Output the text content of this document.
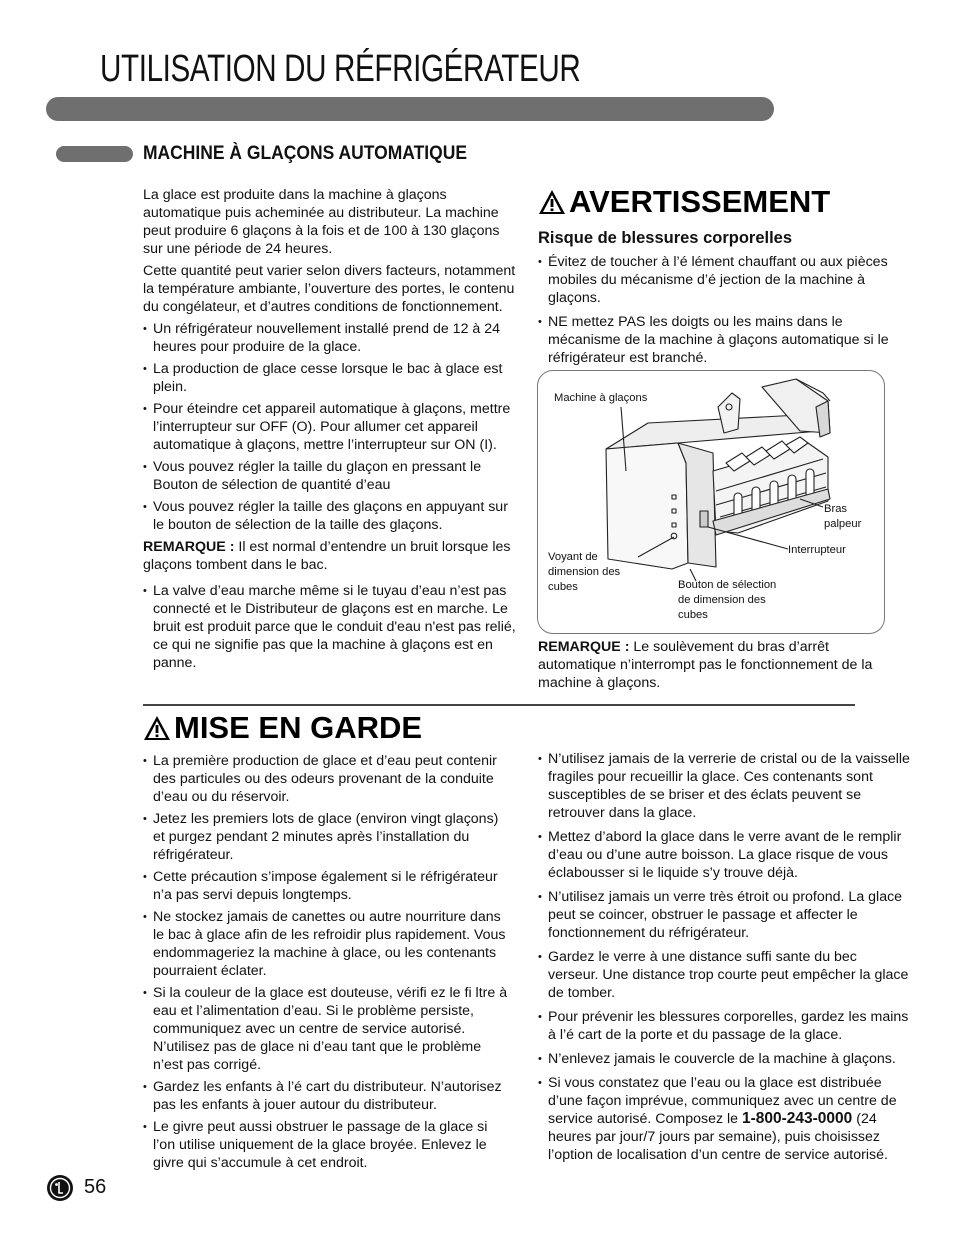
UTILISATION DU RÉFRIGÉRATEUR
MACHINE À GLAÇONS AUTOMATIQUE

La glace est produite dans la machine à glaçons automatique puis acheminée au distributeur. La machine peut produire 6 glaçons à la fois et de 100 à 130 glaçons sur une période de 24 heures.

Cette quantité peut varier selon divers facteurs, notamment la température ambiante, l’ouverture des portes, le contenu du congélateur, et d’autres conditions de fonctionnement.

• Un réfrigérateur nouvellement installé prend de 12 à 24 heures pour produire de la glace.
• La production de glace cesse lorsque le bac à glace est plein.
• Pour éteindre cet appareil automatique à glaçons, mettre l’interrupteur sur OFF (O). Pour allumer cet appareil automatique à glaçons, mettre l’interrupteur sur ON (I).
• Vous pouvez régler la taille du glaçon en pressant le Bouton de sélection de quantité d’eau
• Vous pouvez régler la taille des glaçons en appuyant sur le bouton de sélection de la taille des glaçons.

REMARQUE : Il est normal d’entendre un bruit lorsque les glaçons tombent dans le bac.

• La valve d’eau marche même si le tuyau d’eau n’est pas connecté et le Distributeur de glaçons est en marche. Le bruit est produit parce que le conduit d'eau n'est pas relié, ce qui ne signifie pas que la machine à glaçons est en panne.
AVERTISSEMENT
Risque de blessures corporelles
• Évitez de toucher à l’é lément chauffant ou aux pièces mobiles du mécanisme d’é jection de la machine à glaçons.
• NE mettez PAS les doigts ou les mains dans le mécanisme de la machine à glaçons automatique si le réfrigérateur est branché.
Machine à glaçons
Bras
palpeur
Interrupteur
Voyant de
dimension des
cubes	Bouton de sélection
de dimension des
cubes
REMARQUE : Le soulèvement du bras d’arrêt automatique n’interrompt pas le fonctionnement de la machine à glaçons.
MISE EN GARDE
• La première production de glace et d’eau peut contenir des particules ou des odeurs provenant de la conduite d’eau ou du réservoir.
• Jetez les premiers lots de glace (environ vingt glaçons) et purgez pendant 2 minutes après l’installation du réfrigérateur.
• Cette précaution s’impose également si le réfrigérateur n’a pas servi depuis longtemps.
• Ne stockez jamais de canettes ou autre nourriture dans le bac à glace afin de les refroidir plus rapidement. Vous endommageriez la machine à glace, ou les contenants pourraient éclater.
• Si la couleur de la glace est douteuse, vérifi ez le fi ltre à eau et l’alimentation d’eau. Si le problème persiste, communiquez avec un centre de service autorisé. N’utilisez pas de glace ni d’eau tant que le problème n’est pas corrigé.
• Gardez les enfants à l’é cart du distributeur. N’autorisez pas les enfants à jouer autour du distributeur.
• Le givre peut aussi obstruer le passage de la glace si l’on utilise uniquement de la glace broyée. Enlevez le givre qui s’accumule à cet endroit.
• N’utilisez jamais de la verrerie de cristal ou de la vaisselle fragiles pour recueillir la glace. Ces contenants sont susceptibles de se briser et des éclats peuvent se retrouver dans la glace.
• Mettez d’abord la glace dans le verre avant de le remplir d’eau ou d’une autre boisson. La glace risque de vous éclabousser si le liquide s’y trouve déjà.
• N’utilisez jamais un verre très étroit ou profond. La glace peut se coincer, obstruer le passage et affecter le fonctionnement du réfrigérateur.
• Gardez le verre à une distance suffi sante du bec verseur. Une distance trop courte peut empêcher la glace de tomber.
• Pour prévenir les blessures corporelles, gardez les mains à l’é cart de la porte et du passage de la glace.
• N’enlevez jamais le couvercle de la machine à glaçons.
• Si vous constatez que l’eau ou la glace est distribuée d’une façon imprévue, communiquez avec un centre de service autorisé. Composez le 1-800-243-0000 (24 heures par jour/7 jours par semaine), puis choisissez l’option de localisation d’un centre de service autorisé.
56
